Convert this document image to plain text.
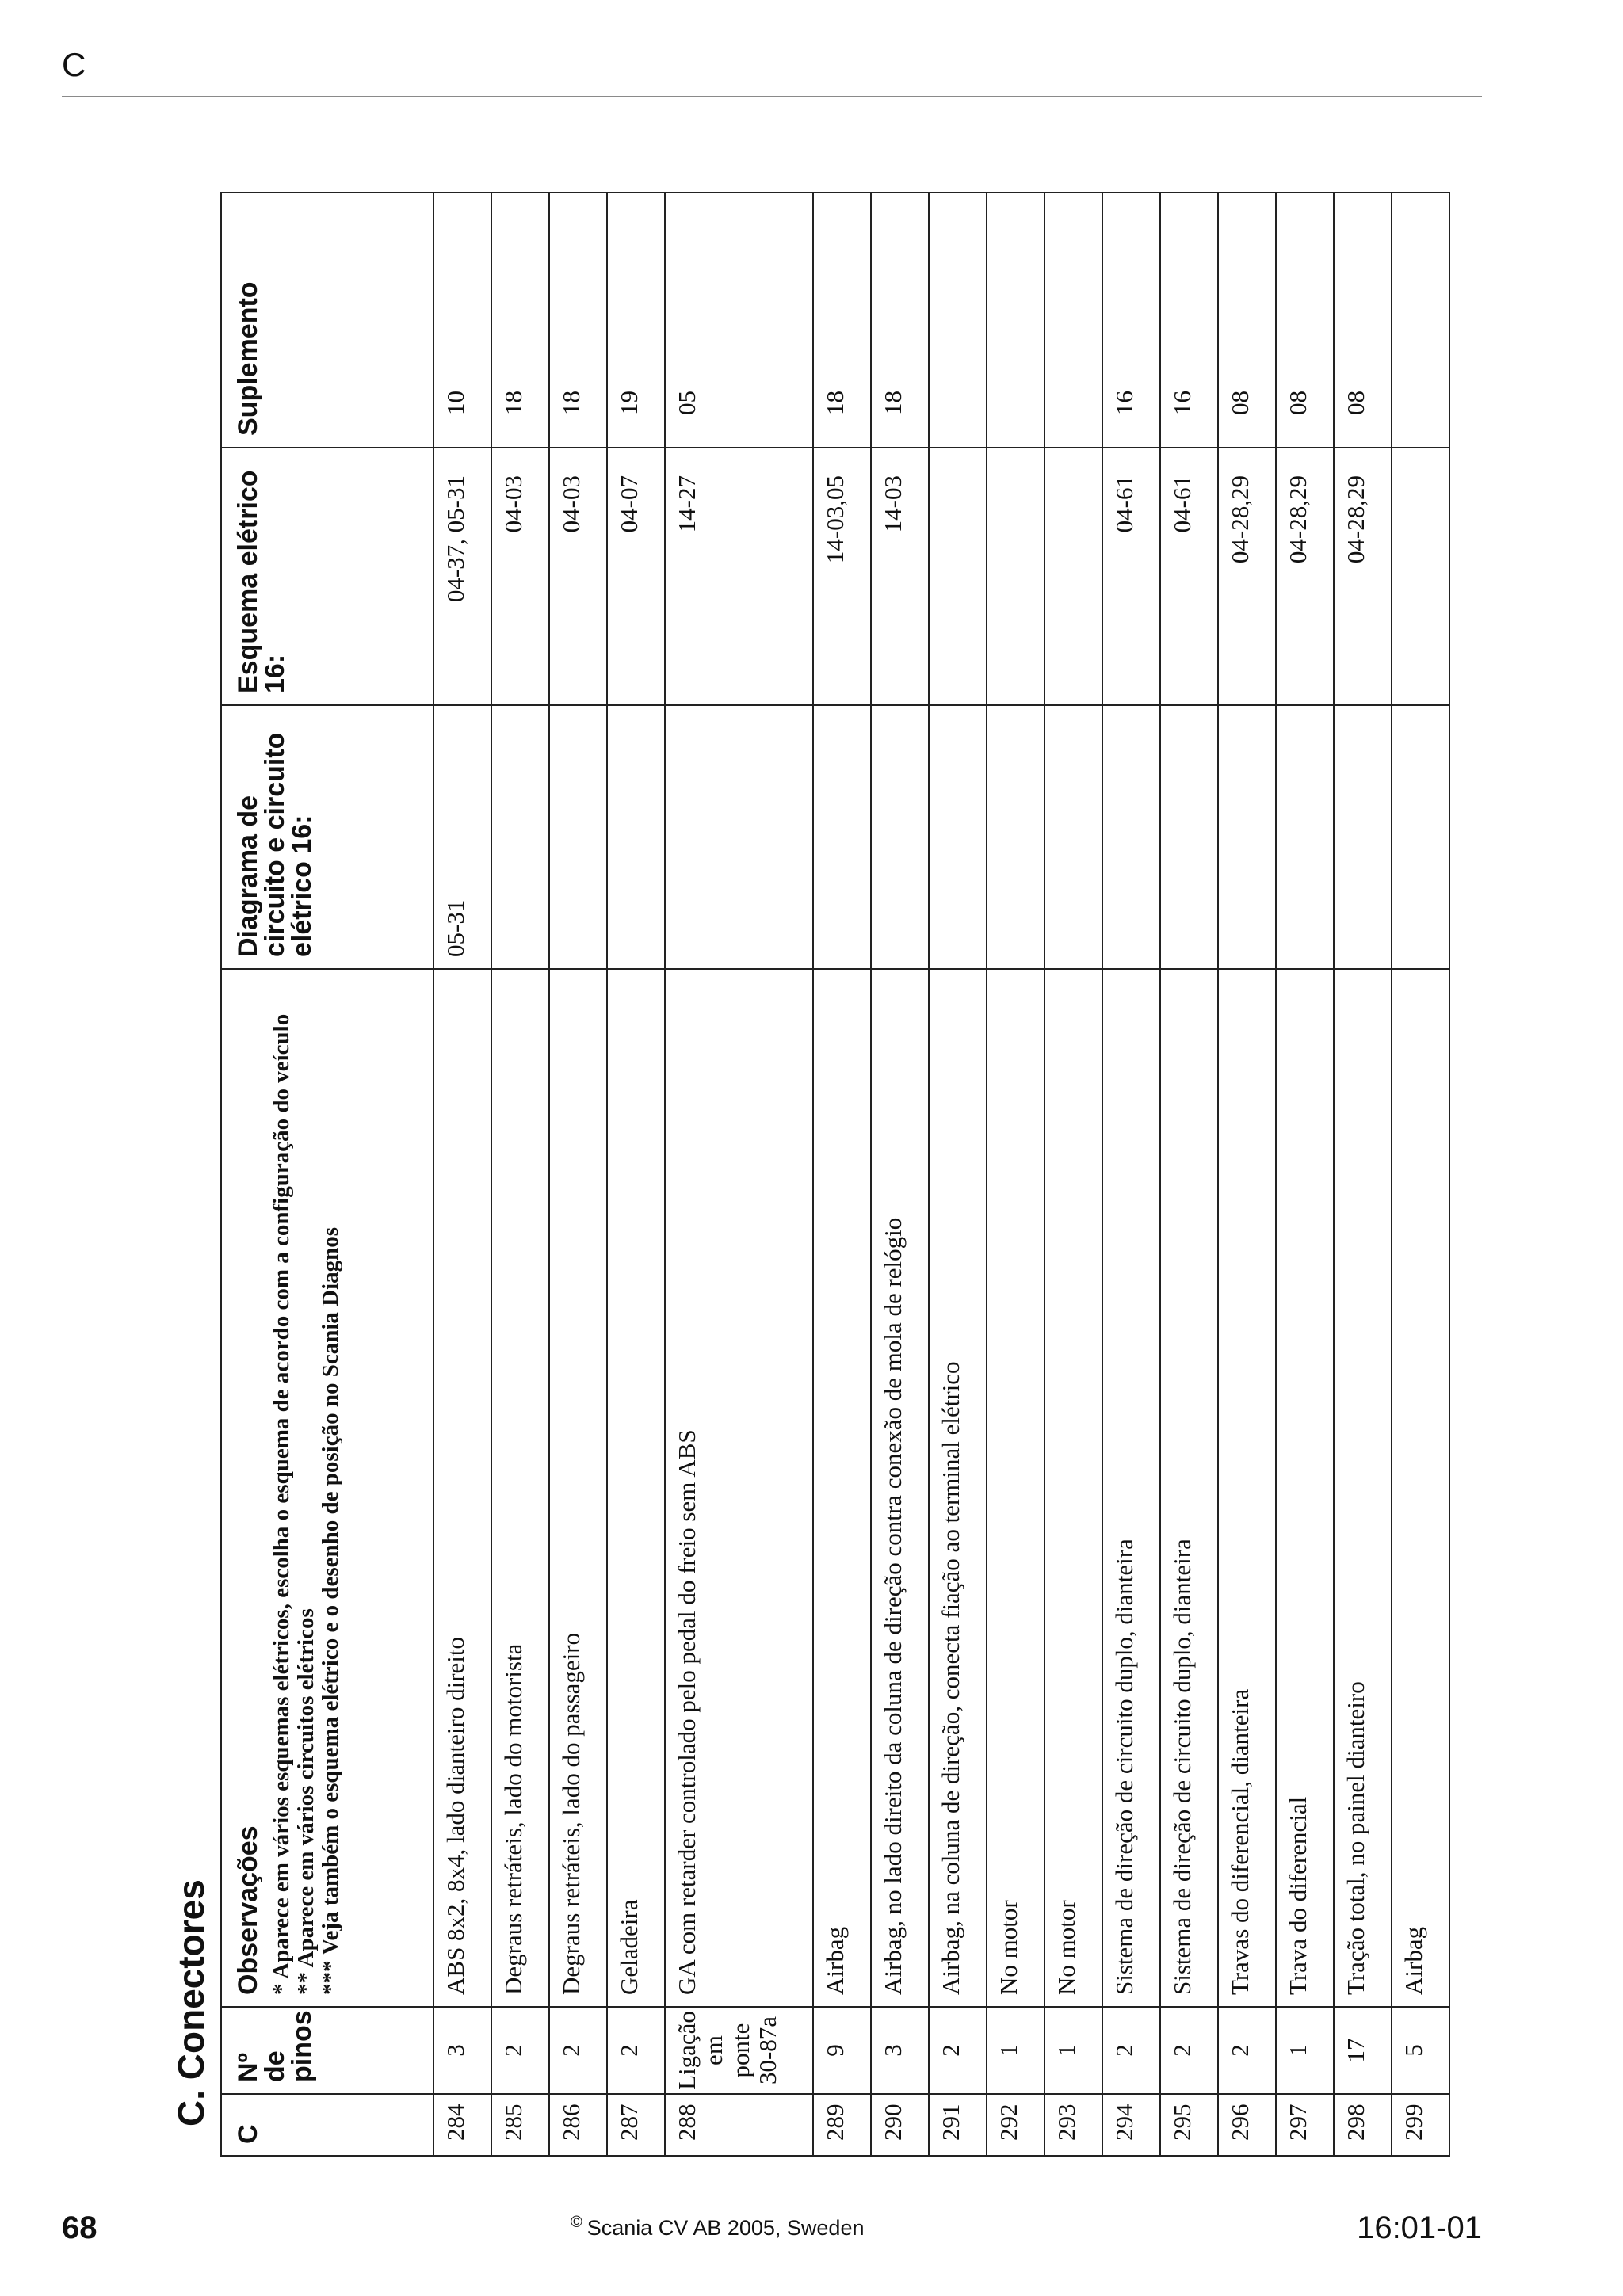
C
C. Conectores
C	Nº de pinos	Observações * Aparece em vários esquemas elétricos, escolha o esquema de acordo com a configuração do veículo ** Aparece em vários circuitos elétricos *** Veja também o esquema elétrico e o desenho de posição no Scania Diagnos	Diagrama de circuito e circuito elétrico 16:	Esquema elétrico 16:	Suplemento
284	3	ABS 8x2, 8x4, lado dianteiro direito	05-31	04-37, 05-31	10
285	2	Degraus retráteis, lado do motorista		04-03	18
286	2	Degraus retráteis, lado do passageiro		04-03	18
287	2	Geladeira		04-07	19
288	Ligação em ponte 30-87a	GA com retarder controlado pelo pedal do freio sem ABS		14-27	05
289	9	Airbag		14-03,05	18
290	3	Airbag, no lado direito da coluna de direção contra conexão de mola de relógio		14-03	18
291	2	Airbag, na coluna de direção, conecta fiação ao terminal elétrico			
292	1	No motor			
293	1	No motor			
294	2	Sistema de direção de circuito duplo, dianteira		04-61	16
295	2	Sistema de direção de circuito duplo, dianteira		04-61	16
296	2	Travas do diferencial, dianteira		04-28,29	08
297	1	Trava do diferencial		04-28,29	08
298	17	Tração total, no painel dianteiro		04-28,29	08
299	5	Airbag			
68	© Scania CV AB 2005, Sweden	16:01-01
